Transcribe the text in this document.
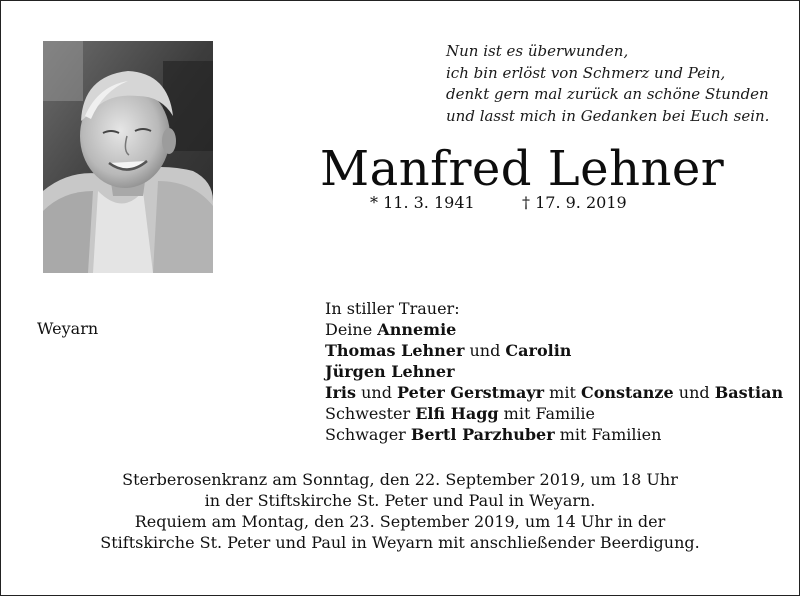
Nun ist es überwunden,
ich bin erlöst von Schmerz und Pein,
denkt gern mal zurück an schöne Stunden
und lasst mich in Gedanken bei Euch sein.
Manfred Lehner
* 11. 3. 1941	† 17. 9. 2019
Weyarn
In stiller Trauer:
Deine Annemie
Thomas Lehner und Carolin
Jürgen Lehner
Iris und Peter Gerstmayr mit Constanze und Bastian
Schwester Elfi Hagg mit Familie
Schwager Bertl Parzhuber mit Familien
Sterberosenkranz am Sonntag, den 22. September 2019, um 18 Uhr
in der Stiftskirche St. Peter und Paul in Weyarn.
Requiem am Montag, den 23. September 2019, um 14 Uhr in der
Stiftskirche St. Peter und Paul in Weyarn mit anschließender Beerdigung.
